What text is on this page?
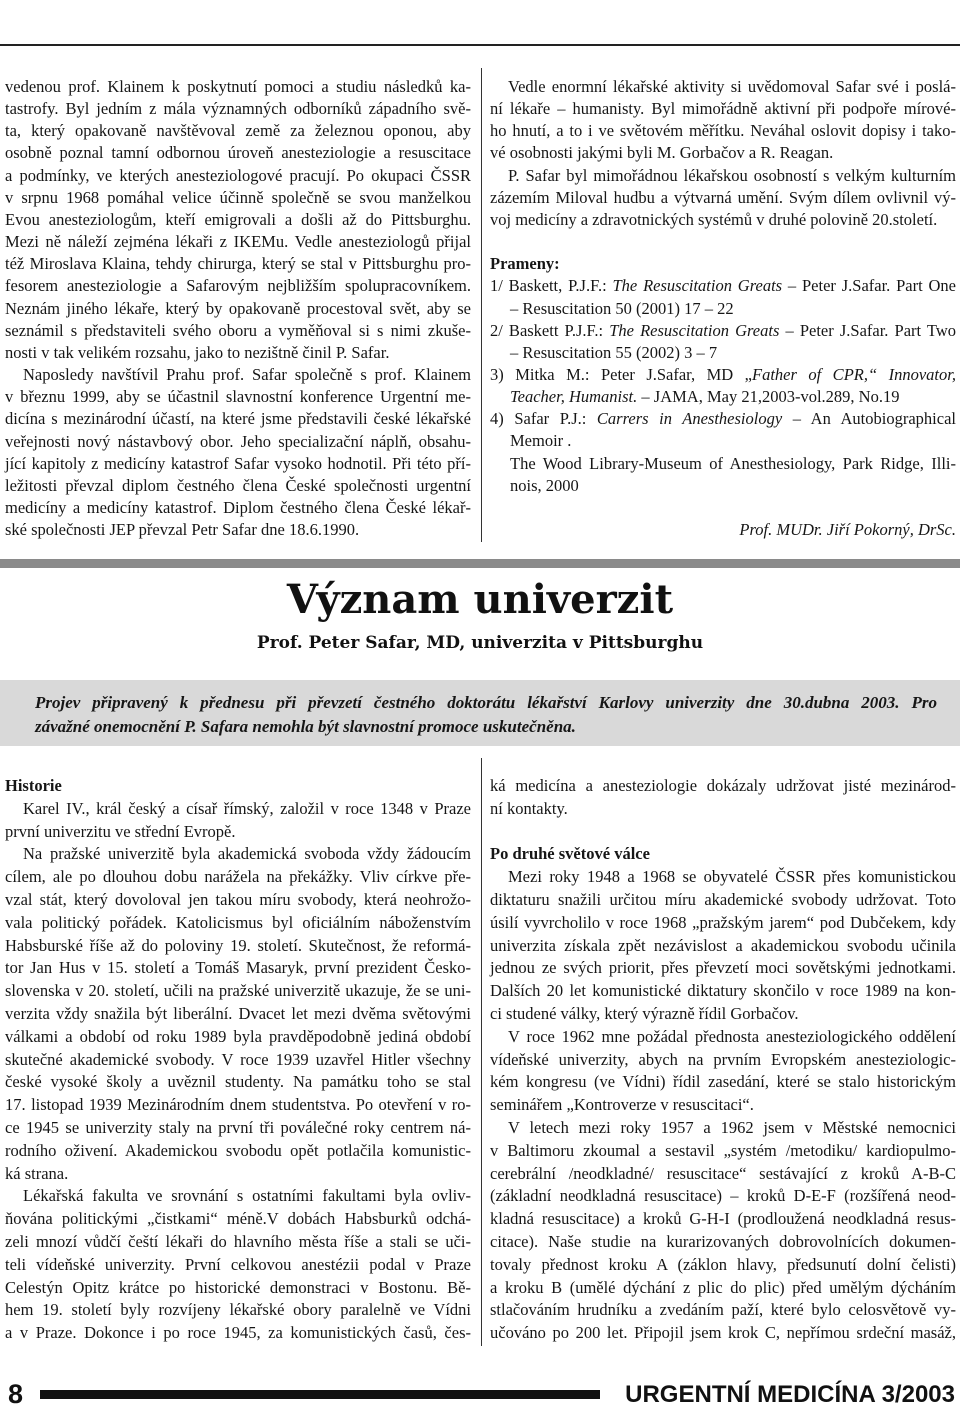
vedenou prof. Klainem k poskytnutí pomoci a studiu následků ka-
tastrofy. Byl jedním z mála významných odborníků západního svě-
ta, který opakovaně navštěvoval země za železnou oponou, aby
osobně poznal tamní odbornou úroveň anesteziologie a resuscitace
a podmínky, ve kterých anesteziologové pracují. Po okupaci ČSSR
v srpnu 1968 pomáhal velice účinně společně se svou manželkou
Evou anesteziologům, kteří emigrovali a došli až do Pittsburghu.
Mezi ně náleží zejména lékaři z IKEMu. Vedle anesteziologů přijal
též Miroslava Klaina, tehdy chirurga, který se stal v Pittsburghu pro-
fesorem anesteziologie a Safarovým nejbližším spolupracovníkem.
Neznám jiného lékaře, který by opakovaně procestoval svět, aby se
seznámil s představiteli svého oboru a vyměňoval si s nimi zkuše-
nosti v tak velikém rozsahu, jako to nezištně činil P. Safar.
Naposledy navštívil Prahu prof. Safar společně s prof. Klainem
v březnu 1999, aby se účastnil slavnostní konference Urgentní me-
dicína s mezinárodní účastí, na které jsme představili české lékařské
veřejnosti nový nástavbový obor. Jeho specializační náplň, obsahu-
jící kapitoly z medicíny katastrof Safar vysoko hodnotil. Při této pří-
ležitosti převzal diplom čestného člena České společnosti urgentní
medicíny a medicíny katastrof. Diplom čestného člena České lékař-
ské společnosti JEP převzal Petr Safar dne 18.6.1990.
Vedle enormní lékařské aktivity si uvědomoval Safar své i poslá-
ní lékaře – humanisty. Byl mimořádně aktivní při podpoře mírové-
ho hnutí, a to i ve světovém měřítku. Neváhal oslovit dopisy i tako-
vé osobnosti jakými byli M. Gorbačov a R. Reagan.
P. Safar byl mimořádnou lékařskou osobností s velkým kulturním
zázemím Miloval hudbu a výtvarná umění. Svým dílem ovlivnil vý-
voj medicíny a zdravotnických systémů v druhé polovině 20.století.
Prameny:
1/ Baskett, P.J.F.: The Resuscitation Greats – Peter J.Safar. Part One
– Resuscitation 50 (2001) 17 – 22
2/ Baskett P.J.F.: The Resuscitation Greats – Peter J.Safar. Part Two
– Resuscitation 55 (2002) 3 – 7
3) Mitka M.: Peter J.Safar, MD „Father of CPR,“ Innovator,
Teacher, Humanist. – JAMA, May 21,2003-vol.289, No.19
4) Safar P.J.: Carrers in Anesthesiology – An Autobiographical
Memoir .
The Wood Library-Museum of Anesthesiology, Park Ridge, Illi-
nois, 2000
Prof. MUDr. Jiří Pokorný, DrSc.
Význam univerzit
Prof. Peter Safar, MD, univerzita v Pittsburghu
Projev připravený k přednesu při převzetí čestného doktorátu lékařství Karlovy univerzity dne 30.dubna 2003. Pro
závažné onemocnění P. Safara nemohla být slavnostní promoce uskutečněna.
Historie
Karel IV., král český a císař římský, založil v roce 1348 v Praze
první univerzitu ve střední Evropě.
Na pražské univerzitě byla akademická svoboda vždy žádoucím
cílem, ale po dlouhou dobu narážela na překážky. Vliv církve pře-
vzal stát, který dovoloval jen takou míru svobody, která neohrožo-
vala politický pořádek. Katolicismus byl oficiálním náboženstvím
Habsburské říše až do poloviny 19. století. Skutečnost, že reformá-
tor Jan Hus v 15. století a Tomáš Masaryk, první prezident Česko-
slovenska v 20. století, učili na pražské univerzitě ukazuje, že se uni-
verzita vždy snažila být liberální. Dvacet let mezi dvěma světovými
válkami a období od roku 1989 byla pravděpodobně jediná období
skutečné akademické svobody. V roce 1939 uzavřel Hitler všechny
české vysoké školy a uvěznil studenty. Na památku toho se stal
17. listopad 1939 Mezinárodním dnem studentstva. Po otevření v ro-
ce 1945 se univerzity staly na první tři poválečné roky centrem ná-
rodního oživení. Akademickou svobodu opět potlačila komunistic-
ká strana.
Lékařská fakulta ve srovnání s ostatními fakultami byla ovliv-
ňována politickými „čistkami“ méně.V dobách Habsburků odchá-
zeli mnozí vůdčí čeští lékaři do hlavního města říše a stali se uči-
teli vídeňské univerzity. První celkovou anestézii podal v Praze
Celestýn Opitz krátce po historické demonstraci v Bostonu. Bě-
hem 19. století byly rozvíjeny lékařské obory paralelně ve Vídni
a v Praze. Dokonce i po roce 1945, za komunistických časů, čes-
ká medicína a anesteziologie dokázaly udržovat jisté mezinárod-
ní kontakty.
Po druhé světové válce
Mezi roky 1948 a 1968 se obyvatelé ČSSR přes komunistickou
diktaturu snažili určitou míru akademické svobody udržovat. Toto
úsilí vyvrcholilo v roce 1968 „pražským jarem“ pod Dubčekem, kdy
univerzita získala zpět nezávislost a akademickou svobodu učinila
jednou ze svých priorit, přes převzetí moci sovětskými jednotkami.
Dalších 20 let komunistické diktatury skončilo v roce 1989 na kon-
ci studené války, který výrazně řídil Gorbačov.
V roce 1962 mne požádal přednosta anesteziologického oddělení
vídeňské univerzity, abych na prvním Evropském anesteziologic-
kém kongresu (ve Vídni) řídil zasedání, které se stalo historickým
seminářem „Kontroverze v resuscitaci“.
V letech mezi roky 1957 a 1962 jsem v Městské nemocnici
v Baltimoru zkoumal a sestavil „systém /metodiku/ kardiopulmo-
cerebrální /neodkladné/ resuscitace“ sestávající z kroků A-B-C
(základní neodkladná resuscitace) – kroků D-E-F (rozšířená neod-
kladná resuscitace) a kroků G-H-I (prodloužená neodkladná resus-
citace). Naše studie na kurarizovaných dobrovolnících dokumen-
tovaly přednost kroku A (záklon hlavy, předsunutí dolní čelisti)
a kroku B (umělé dýchání z plic do plic) před umělým dýcháním
stlačováním hrudníku a zvedáním paží, které bylo celosvětově vy-
učováno po 200 let. Připojil jsem krok C, nepřímou srdeční masáž,
8	URGENTNÍ MEDICÍNA 3/2003
